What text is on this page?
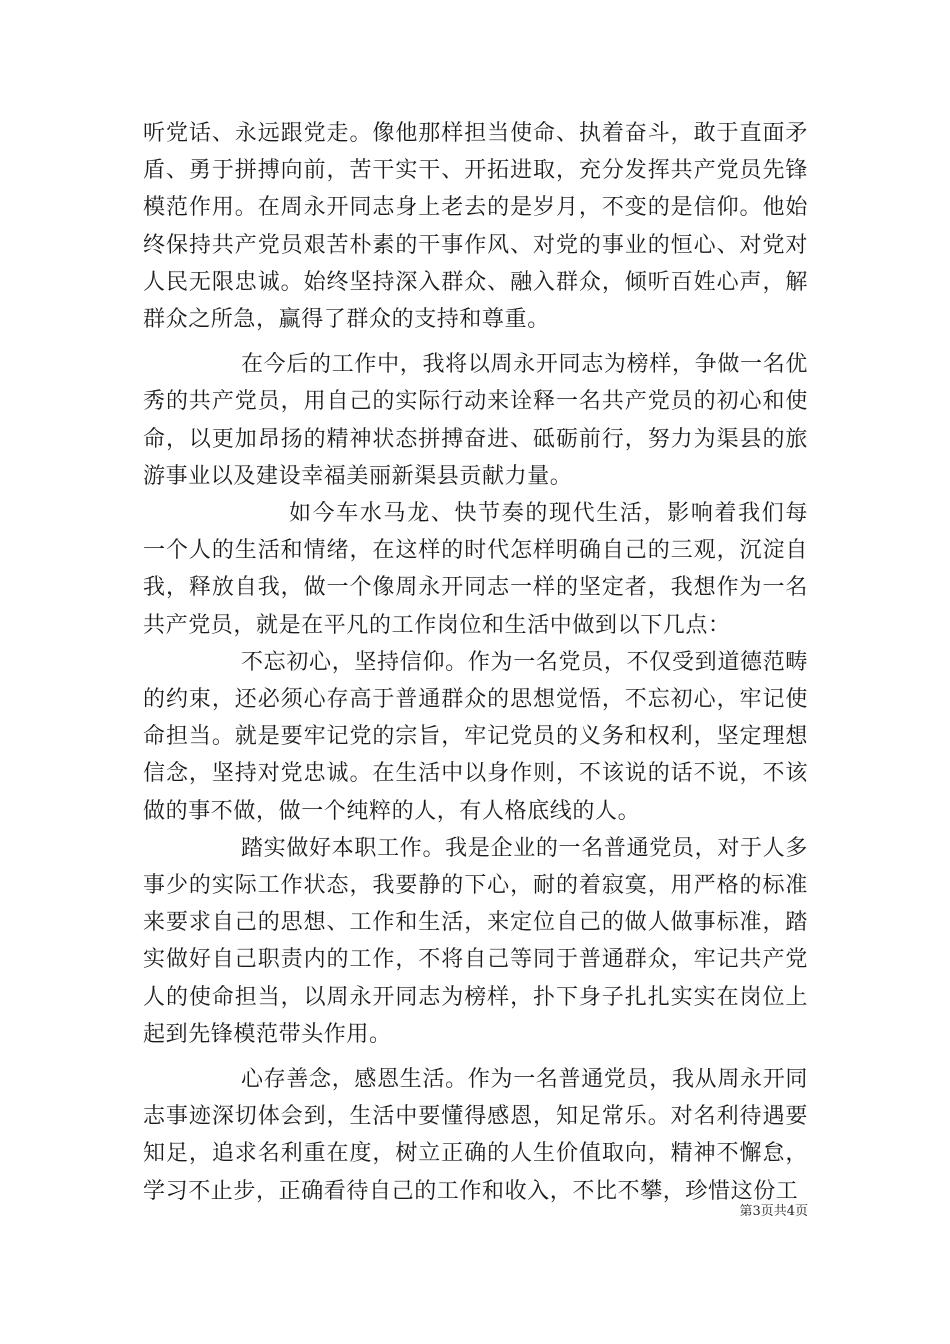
听党话、永远跟党走。像他那样担当使命、执着奋斗，敢于直面矛盾、勇于拼搏向前，苦干实干、开拓进取，充分发挥共产党员先锋模范作用。在周永开同志身上老去的是岁月，不变的是信仰。他始终保持共产党员艰苦朴素的干事作风、对党的事业的恒心、对党对人民无限忠诚。始终坚持深入群众、融入群众，倾听百姓心声，解群众之所急，赢得了群众的支持和尊重。

在今后的工作中，我将以周永开同志为榜样，争做一名优秀的共产党员，用自己的实际行动来诠释一名共产党员的初心和使命，以更加昂扬的精神状态拼搏奋进、砥砺前行，努力为渠县的旅游事业以及建设幸福美丽新渠县贡献力量。

如今车水马龙、快节奏的现代生活，影响着我们每一个人的生活和情绪，在这样的时代怎样明确自己的三观，沉淀自我，释放自我，做一个像周永开同志一样的坚定者，我想作为一名共产党员，就是在平凡的工作岗位和生活中做到以下几点：

不忘初心，坚持信仰。作为一名党员，不仅受到道德范畴的约束，还必须心存高于普通群众的思想觉悟，不忘初心，牢记使命担当。就是要牢记党的宗旨，牢记党员的义务和权利，坚定理想信念，坚持对党忠诚。在生活中以身作则，不该说的话不说，不该做的事不做，做一个纯粹的人，有人格底线的人。

踏实做好本职工作。我是企业的一名普通党员，对于人多事少的实际工作状态，我要静的下心，耐的着寂寞，用严格的标准来要求自己的思想、工作和生活，来定位自己的做人做事标准，踏实做好自己职责内的工作，不将自己等同于普通群众，牢记共产党人的使命担当，以周永开同志为榜样，扑下身子扎扎实实在岗位上起到先锋模范带头作用。

心存善念，感恩生活。作为一名普通党员，我从周永开同志事迹深切体会到，生活中要懂得感恩，知足常乐。对名利待遇要知足，追求名利重在度，树立正确的人生价值取向，精神不懈怠，学习不止步，正确看待自己的工作和收入，不比不攀，珍惜这份工

第3页共4页
